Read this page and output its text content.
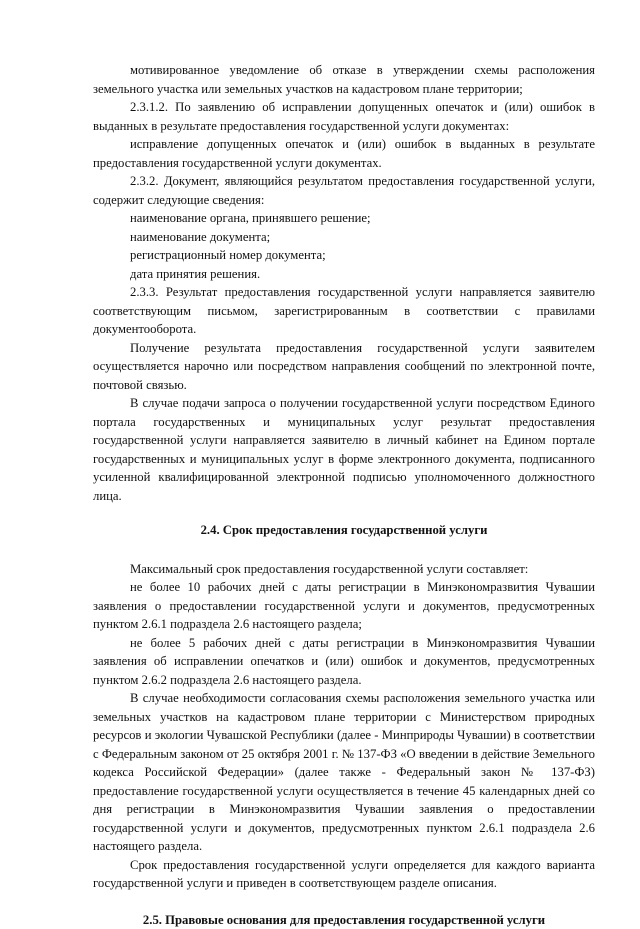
мотивированное уведомление об отказе в утверждении схемы расположения земельного участка или земельных участков на кадастровом плане территории;

2.3.1.2. По заявлению об исправлении допущенных опечаток и (или) ошибок в выданных в результате предоставления государственной услуги документах:

исправление допущенных опечаток и (или) ошибок в выданных в результате предоставления государственной услуги документах.

2.3.2. Документ, являющийся результатом предоставления государственной услуги, содержит следующие сведения:

наименование органа, принявшего решение;

наименование документа;

регистрационный номер документа;

дата принятия решения.

2.3.3. Результат предоставления государственной услуги направляется заявителю соответствующим письмом, зарегистрированным в соответствии с правилами документооборота.

Получение результата предоставления государственной услуги заявителем осуществляется нарочно или посредством направления сообщений по электронной почте, почтовой связью.

В случае подачи запроса о получении государственной услуги посредством Единого портала государственных и муниципальных услуг результат предоставления государственной услуги направляется заявителю в личный кабинет на Едином портале государственных и муниципальных услуг в форме электронного документа, подписанного усиленной квалифицированной электронной подписью уполномоченного должностного лица.

2.4. Срок предоставления государственной услуги

Максимальный срок предоставления государственной услуги составляет:

не более 10 рабочих дней с даты регистрации в Минэкономразвития Чувашии заявления о предоставлении государственной услуги и документов, предусмотренных пунктом 2.6.1 подраздела 2.6 настоящего раздела;

не более 5 рабочих дней с даты регистрации в Минэкономразвития Чувашии заявления об исправлении опечатков и (или) ошибок и документов, предусмотренных пунктом 2.6.2 подраздела 2.6 настоящего раздела.

В случае необходимости согласования схемы расположения земельного участка или земельных участков на кадастровом плане территории с Министерством природных ресурсов и экологии Чувашской Республики (далее - Минприроды Чувашии) в соответствии с Федеральным законом от 25 октября 2001 г. № 137-ФЗ «О введении в действие Земельного кодекса Российской Федерации» (далее также - Федеральный закон № 137-ФЗ) предоставление государственной услуги осуществляется в течение 45 календарных дней со дня регистрации в Минэкономразвития Чувашии заявления о предоставлении государственной услуги и документов, предусмотренных пунктом 2.6.1 подраздела 2.6 настоящего раздела.

Срок предоставления государственной услуги определяется для каждого варианта государственной услуги и приведен в соответствующем разделе описания.

2.5. Правовые основания для предоставления государственной услуги
